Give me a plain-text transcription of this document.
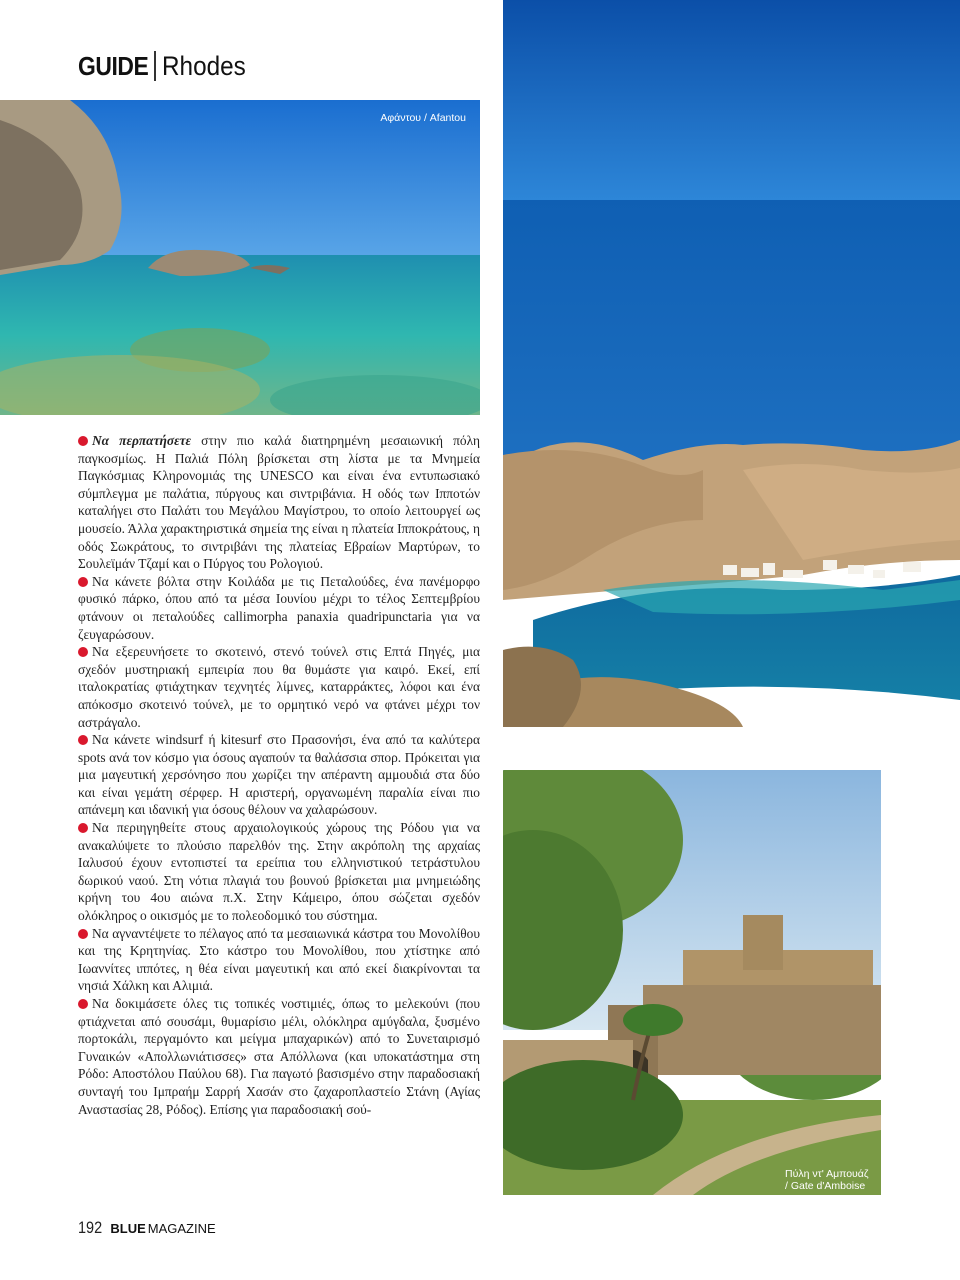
GUIDE Rhodes
Αφάντου / Afantou
Πύλη ντ' Αμπουάζ
/ Gate d'Amboise

Να περπατήσετε στην πιο καλά διατηρημένη μεσαιωνική πόλη παγκοσμίως. Η Παλιά Πόλη βρίσκεται στη λίστα με τα Μνημεία Παγκόσμιας Κληρονομιάς της UNESCO και είναι ένα εντυπωσιακό σύμπλεγμα με παλάτια, πύργους και σιντριβάνια. Η οδός των Ιπποτών καταλήγει στο Παλάτι του Μεγάλου Μαγίστρου, το οποίο λειτουργεί ως μουσείο. Άλλα χαρακτηριστικά σημεία της είναι η πλατεία Ιπποκράτους, η οδός Σωκράτους, το σιντριβάνι της πλατείας Εβραίων Μαρτύρων, το Σουλεϊμάν Τζαμί και ο Πύργος του Ρολογιού.

Να κάνετε βόλτα στην Κοιλάδα με τις Πεταλούδες, ένα πανέμορφο φυσικό πάρκο, όπου από τα μέσα Ιουνίου μέχρι το τέλος Σεπτεμβρίου φτάνουν οι πεταλούδες callimorpha panaxia quadripunctaria για να ζευγαρώσουν.

Να εξερευνήσετε το σκοτεινό, στενό τούνελ στις Επτά Πηγές, μια σχεδόν μυστηριακή εμπειρία που θα θυμάστε για καιρό. Εκεί, επί ιταλοκρατίας φτιάχτηκαν τεχνητές λίμνες, καταρράκτες, λόφοι και ένα απόκοσμο σκοτεινό τούνελ, με το ορμητικό νερό να φτάνει μέχρι τον αστράγαλο.

Να κάνετε windsurf ή kitesurf στο Πρασονήσι, ένα από τα καλύτερα spots ανά τον κόσμο για όσους αγαπούν τα θαλάσσια σπορ. Πρόκειται για μια μαγευτική χερσόνησο που χωρίζει την απέραντη αμμουδιά στα δύο και είναι γεμάτη σέρφερ. Η αριστερή, οργανωμένη παραλία είναι πιο απάνεμη και ιδανική για όσους θέλουν να χαλαρώσουν.

Να περιηγηθείτε στους αρχαιολογικούς χώρους της Ρόδου για να ανακαλύψετε το πλούσιο παρελθόν της. Στην ακρόπολη της αρχαίας Ιαλυσού έχουν εντοπιστεί τα ερείπια του ελληνιστικού τετράστυλου δωρικού ναού. Στη νότια πλαγιά του βουνού βρίσκεται μια μνημειώδης κρήνη του 4ου αιώνα π.Χ. Στην Κάμειρο, όπου σώζεται σχεδόν ολόκληρος ο οικισμός με το πολεοδομικό του σύστημα.

Να αγναντέψετε το πέλαγος από τα μεσαιωνικά κάστρα του Μονολίθου και της Κρητηνίας. Στο κάστρο του Μονολίθου, που χτίστηκε από Ιωαννίτες ιππότες, η θέα είναι μαγευτική και από εκεί διακρίνονται τα νησιά Χάλκη και Αλιμιά.

Να δοκιμάσετε όλες τις τοπικές νοστιμιές, όπως το μελεκούνι (που φτιάχνεται από σουσάμι, θυμαρίσιο μέλι, ολόκληρα αμύγδαλα, ξυσμένο πορτοκάλι, περγαμόντο και μείγμα μπαχαρικών) από το Συνεταιρισμό Γυναικών «Απολλωνιάτισσες» στα Απόλλωνα (και υποκατάστημα στη Ρόδο: Αποστόλου Παύλου 68). Για παγωτό βασισμένο στην παραδοσιακή συνταγή του Ιμπραήμ Σαρρή Χασάν στο ζαχαροπλαστείο Στάνη (Αγίας Αναστασίας 28, Ρόδος). Επίσης για παραδοσιακή σού-

192 BLUE MAGAZINE
